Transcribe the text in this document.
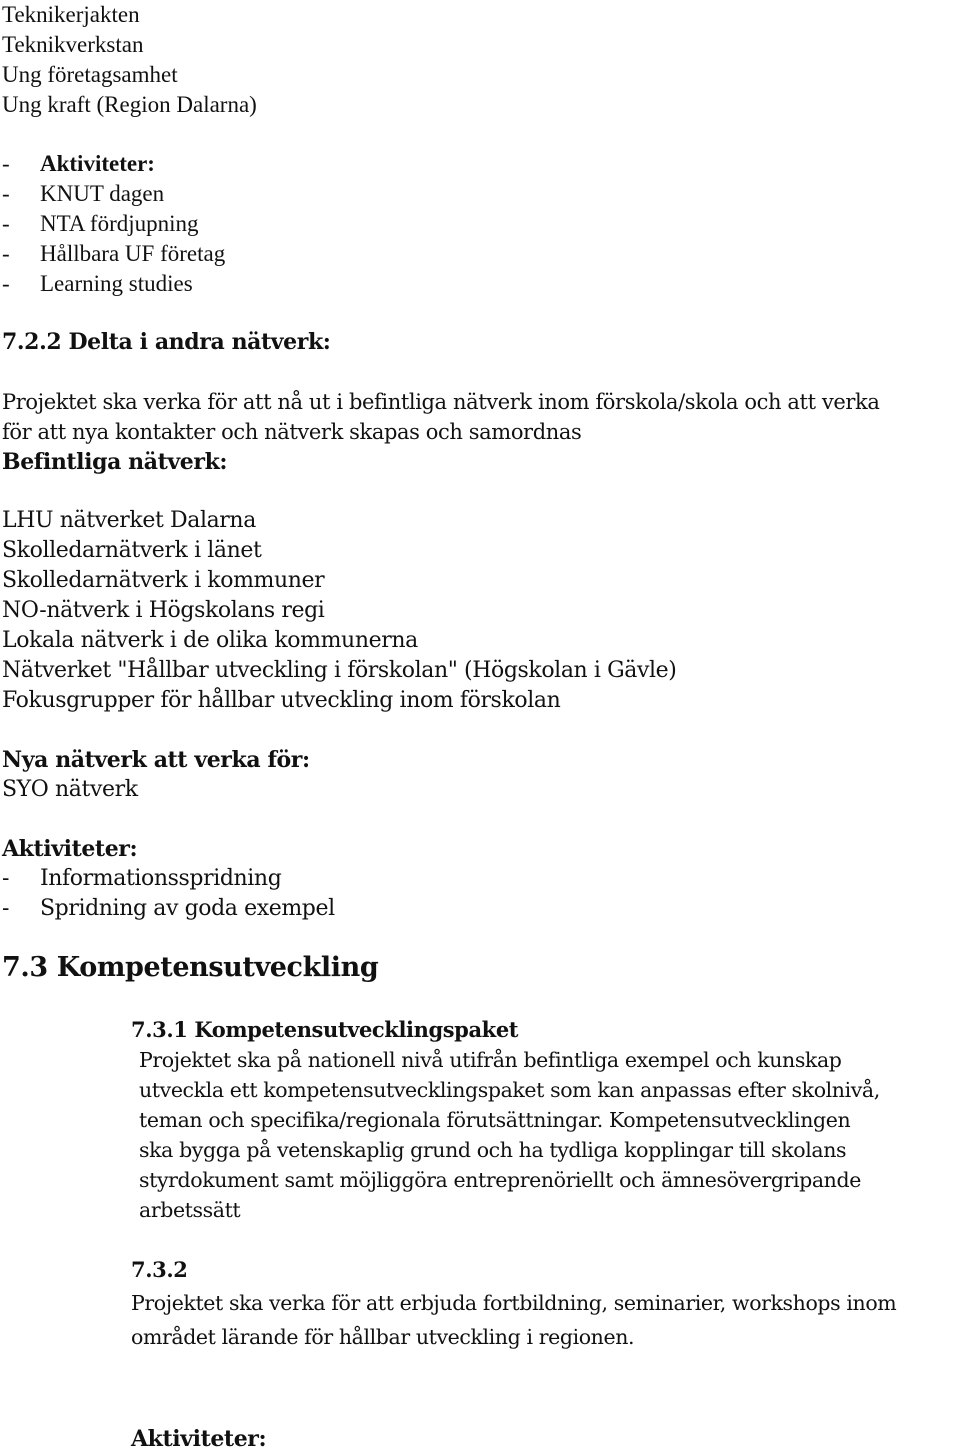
Teknikerjakten

Teknikverkstan

Ung företagsamhet

Ung kraft (Region Dalarna)

- Aktiviteter:

- KNUT dagen

- NTA fördjupning

- Hållbara UF företag

- Learning studies

7.2.2 Delta i andra nätverk:

Projektet ska verka för att nå ut i befintliga nätverk inom förskola/skola och att verka

för att nya kontakter och nätverk skapas och samordnas

Befintliga nätverk:

LHU nätverket Dalarna

Skolledarnätverk i länet

Skolledarnätverk i kommuner

NO-nätverk i Högskolans regi

Lokala nätverk i de olika kommunerna

Nätverket "Hållbar utveckling i förskolan" (Högskolan i Gävle)

Fokusgrupper för hållbar utveckling inom förskolan

Nya nätverk att verka för:

SYO nätverk

Aktiviteter:

- Informationsspridning

- Spridning av goda exempel

7.3 Kompetensutveckling

7.3.1 Kompetensutvecklingspaket

Projektet ska på nationell nivå utifrån befintliga exempel och kunskap
utveckla ett kompetensutvecklingspaket som kan anpassas efter skolnivå,
teman och specifika/regionala förutsättningar. Kompetensutvecklingen
ska bygga på vetenskaplig grund och ha tydliga kopplingar till skolans
styrdokument samt möjliggöra entreprenöriellt och ämnesövergripande
arbetssätt

7.3.2

Projektet ska verka för att erbjuda fortbildning, seminarier, workshops inom

området lärande för hållbar utveckling i regionen.

Aktiviteter:
